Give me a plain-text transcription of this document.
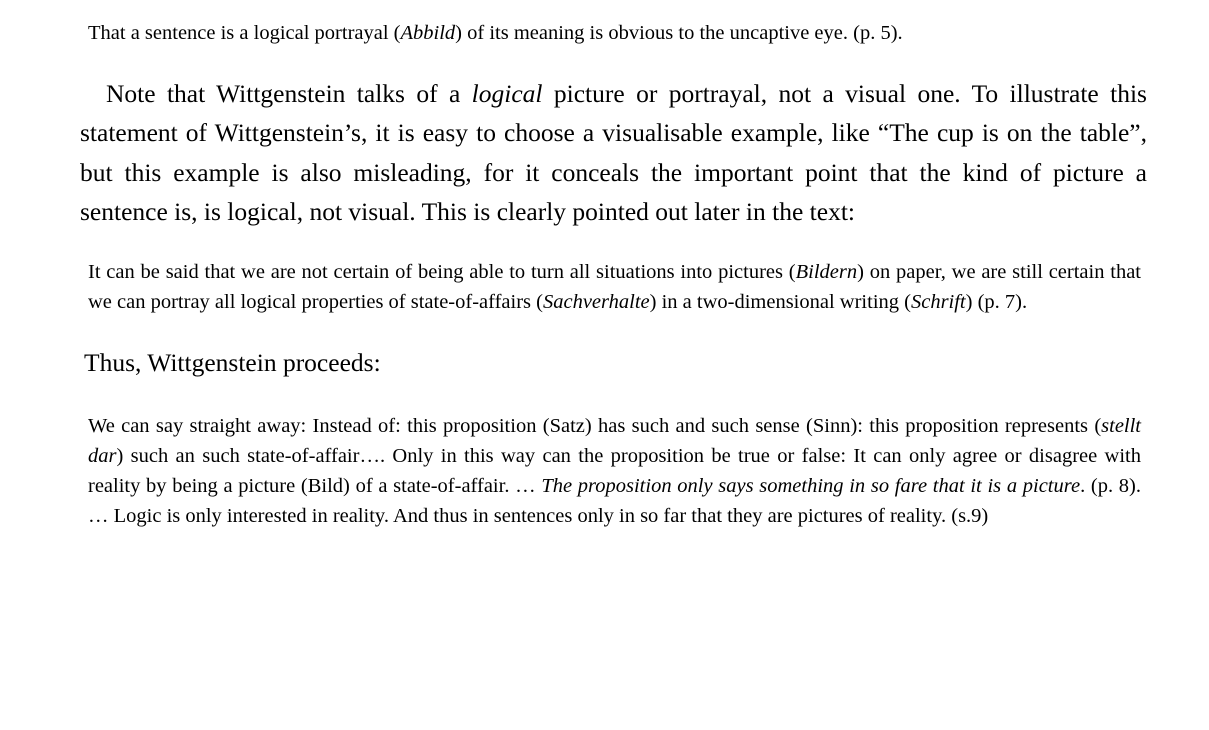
That a sentence is a logical portrayal (Abbild) of its meaning is obvious to the uncaptive eye. (p. 5).

Note that Wittgenstein talks of a logical picture or portrayal, not a visual one. To illustrate this statement of Wittgenstein’s, it is easy to choose a visualisable example, like “The cup is on the table”, but this example is also misleading, for it conceals the important point that the kind of picture a sentence is, is logical, not visual. This is clearly pointed out later in the text:

It can be said that we are not certain of being able to turn all situations into pictures (Bildern) on paper, we are still certain that we can portray all logical properties of state-of-affairs (Sachverhalte) in a two-dimensional writing (Schrift) (p. 7).

Thus, Wittgenstein proceeds:

We can say straight away: Instead of: this proposition (Satz) has such and such sense (Sinn): this proposition represents (stellt dar) such an such state-of-affair…. Only in this way can the proposition be true or false: It can only agree or disagree with reality by being a picture (Bild) of a state-of-affair. … The proposition only says something in so fare that it is a picture. (p. 8). … Logic is only interested in reality. And thus in sentences only in so far that they are pictures of reality. (s.9)
